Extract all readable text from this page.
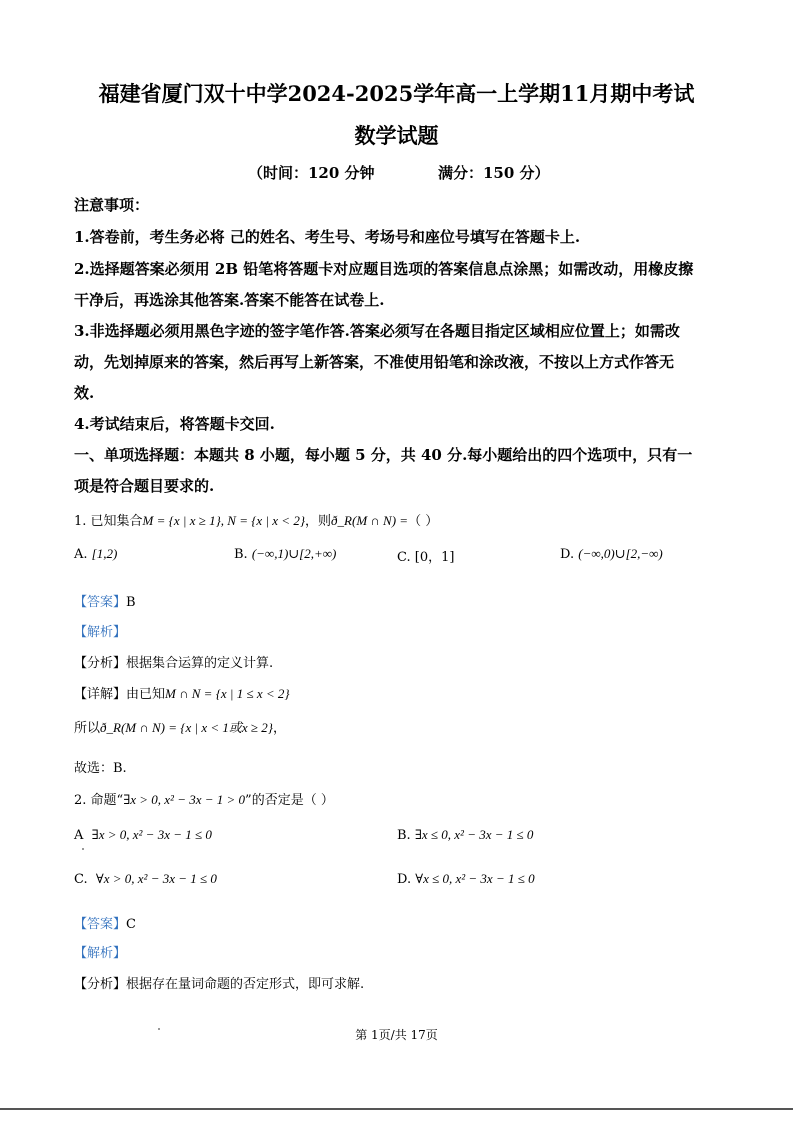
福建省厦门双十中学2024-2025学年高一上学期11月期中考试
数学试题
（时间：120 分钟	满分：150 分）
注意事项：
1.答卷前，考生务必将 己的姓名、考生号、考场号和座位号填写在答题卡上.
2.选择题答案必须用 2B 铅笔将答题卡对应题目选项的答案信息点涂黑；如需改动，用橡皮擦
干净后，再选涂其他答案.答案不能答在试卷上.
3.非选择题必须用黑色字迹的签字笔作答.答案必须写在各题目指定区域相应位置上；如需改
动，先划掉原来的答案，然后再写上新答案，不准使用铅笔和涂改液，不按以上方式作答无
效.
4.考试结束后，将答题卡交回.
一、单项选择题：本题共 8 小题，每小题 5 分，共 40 分.每小题给出的四个选项中，只有一
项是符合题目要求的.
1. 已知集合M = {x | x ≥ 1}, N = {x | x < 2}，则ð_R(M ∩ N) =（ ）
A. [1,2)	B. (−∞,1)∪[2,+∞)	C. [0，1]	D. (−∞,0)∪[2,−∞)
【答案】B
【解析】
【分析】根据集合运算的定义计算.
【详解】由已知M ∩ N = {x | 1 ≤ x < 2}
所以ð_R(M ∩ N) = {x | x < 1或x ≥ 2}，
故选：B.
2. 命题“∃x > 0, x² − 3x − 1 > 0”的否定是（ ）
A ∃x > 0, x² − 3x − 1 ≤ 0	B. ∃x ≤ 0, x² − 3x − 1 ≤ 0
C. ∀x > 0, x² − 3x − 1 ≤ 0	D. ∀x ≤ 0, x² − 3x − 1 ≤ 0
【答案】C
【解析】
【分析】根据存在量词命题的否定形式，即可求解.
第 1页/共 17页
